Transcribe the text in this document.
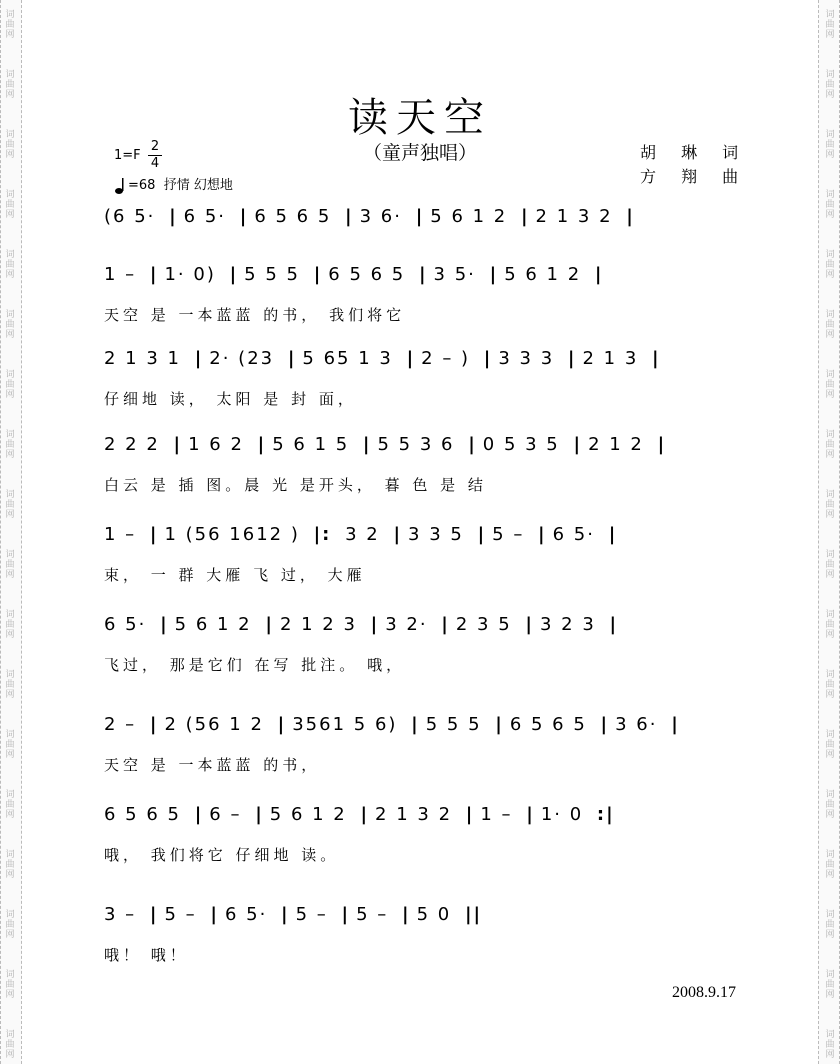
词
曲
网
词
曲
网
词
曲
网
词
曲
网
词
曲
网
词
曲
网
词
曲
网
词
曲
网
词
曲
网
词
曲
网
词
曲
网
词
曲
网
词
曲
网
词
曲
网
词
曲
网
词
曲
网
词
曲
网
词
曲
网
词
曲
网
词
曲
网
词
曲
网
词
曲
网
词
曲
网
词
曲
网
词
曲
网
词
曲
网
词
曲
网
词
曲
网
词
曲
网
词
曲
网
词
曲
网
词
曲
网
词
曲
网
词
曲
网
词
曲
网
词
曲
网
读天空
（童声独唱）
1=F
2
4
=68 抒情 幻想地
胡 琳 词
方 翔 曲
(6 5· | 6 5· | 6 5 6 5 | 3 6· | 5 6 1 2 | 2 1 3 2 |
1 – | 1· 0) | 5 5 5 | 6 5 6 5 | 3 5· | 5 6 1 2 |
天空 是 一本蓝蓝 的书， 我们将它
2 1 3 1 | 2· (23 | 5 65 1 3 | 2 – ) | 3 3 3 | 2 1 3 |
仔细地 读， 太阳 是 封 面，
2 2 2 | 1 6 2 | 5 6 1 5 | 5 5 3 6 | 0 5 3 5 | 2 1 2 |
白云 是 插 图。晨 光 是开头， 暮 色 是 结
1 – | 1 (56 1612 ) |: 3 2 | 3 3 5 | 5 – | 6 5· |
束， 一 群 大雁 飞 过， 大雁
6 5· | 5 6 1 2 | 2 1 2 3 | 3 2· | 2 3 5 | 3 2 3 |
飞过， 那是它们 在写 批注。 哦，
2 – | 2 (56 1 2 | 3561 5 6) | 5 5 5 | 6 5 6 5 | 3 6· |
天空 是 一本蓝蓝 的书，
6 5 6 5 | 6 – | 5 6 1 2 | 2 1 3 2 | 1 – | 1· 0 :|
哦， 我们将它 仔细地 读。
3 – | 5 – | 6 5· | 5 – | 5 – | 5 0 ||
哦！ 哦！
2008.9.17
